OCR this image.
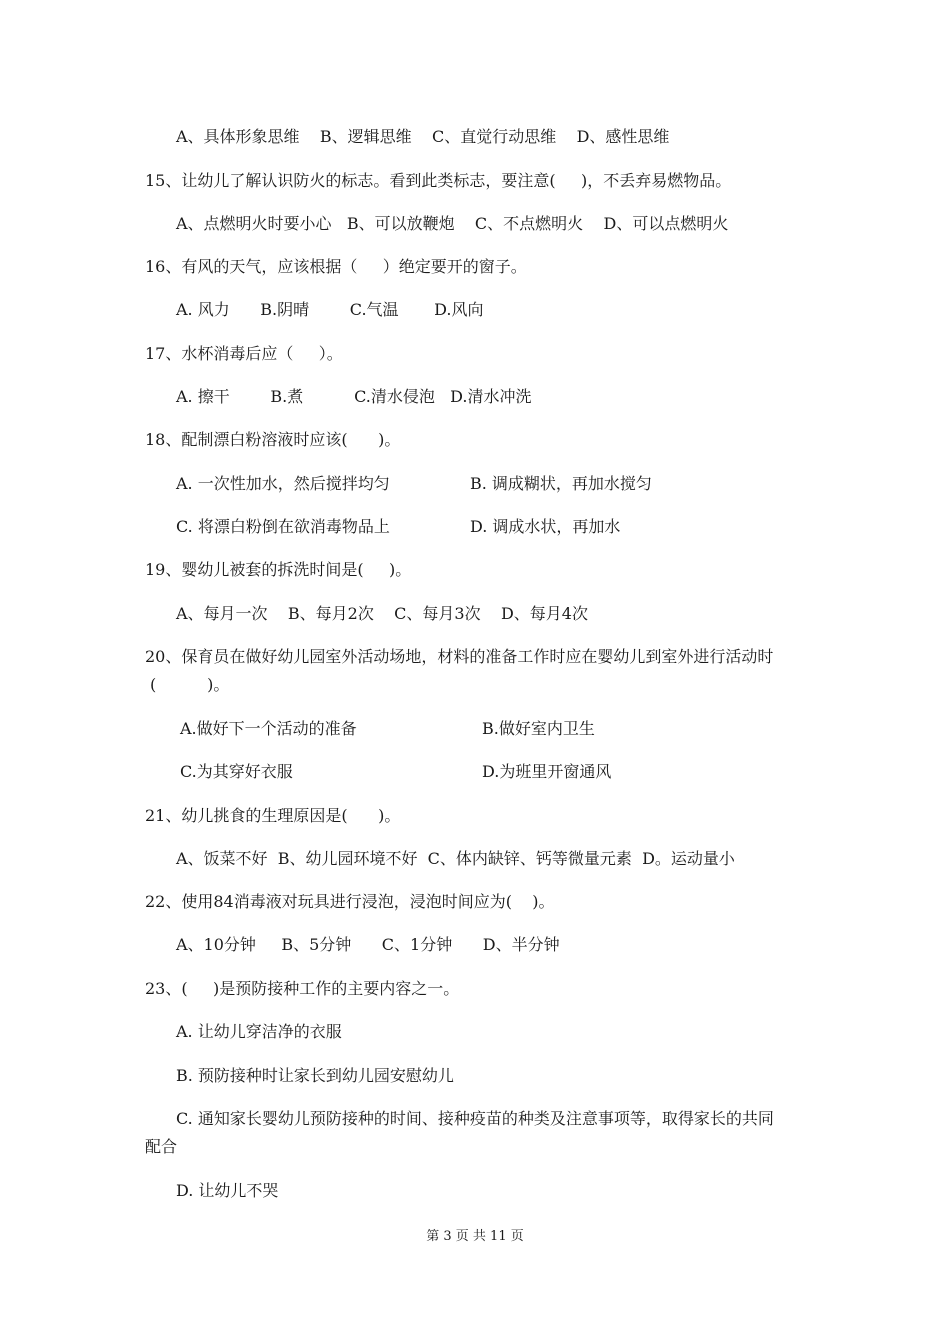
A、具体形象思维    B、逻辑思维    C、直觉行动思维    D、感性思维

15、让幼儿了解认识防火的标志。看到此类标志，要注意(     )，不丢弃易燃物品。

A、点燃明火时要小心   B、可以放鞭炮    C、不点燃明火    D、可以点燃明火

16、有风的天气，应该根据（     ）绝定要开的窗子。

A. 风力      B.阴晴        C.气温       D.风向

17、水杯消毒后应（     ）。

A. 擦干        B.煮          C.清水侵泡   D.清水冲洗

18、配制漂白粉溶液时应该(      )。

A. 一次性加水，然后搅拌均匀	B. 调成糊状，再加水搅匀

C. 将漂白粉倒在欲消毒物品上	D. 调成水状，再加水

19、婴幼儿被套的拆洗时间是(     )。

A、每月一次    B、每月2次    C、每月3次    D、每月4次

20、保育员在做好幼儿园室外活动场地，材料的准备工作时应在婴幼儿到室外进行活动时

(          )。

A.做好下一个活动的准备	B.做好室内卫生

C.为其穿好衣服	D.为班里开窗通风

21、幼儿挑食的生理原因是(      )。

A、饭菜不好  B、幼儿园环境不好  C、体内缺锌、钙等微量元素  D。运动量小

22、使用84消毒液对玩具进行浸泡，浸泡时间应为(    )。

A、10分钟     B、5分钟      C、1分钟      D、半分钟

23、(     )是预防接种工作的主要内容之一。

A. 让幼儿穿洁净的衣服

B. 预防接种时让家长到幼儿园安慰幼儿

C. 通知家长婴幼儿预防接种的时间、接种疫苗的种类及注意事项等，取得家长的共同

配合

D. 让幼儿不哭

第 3 页 共 11 页
